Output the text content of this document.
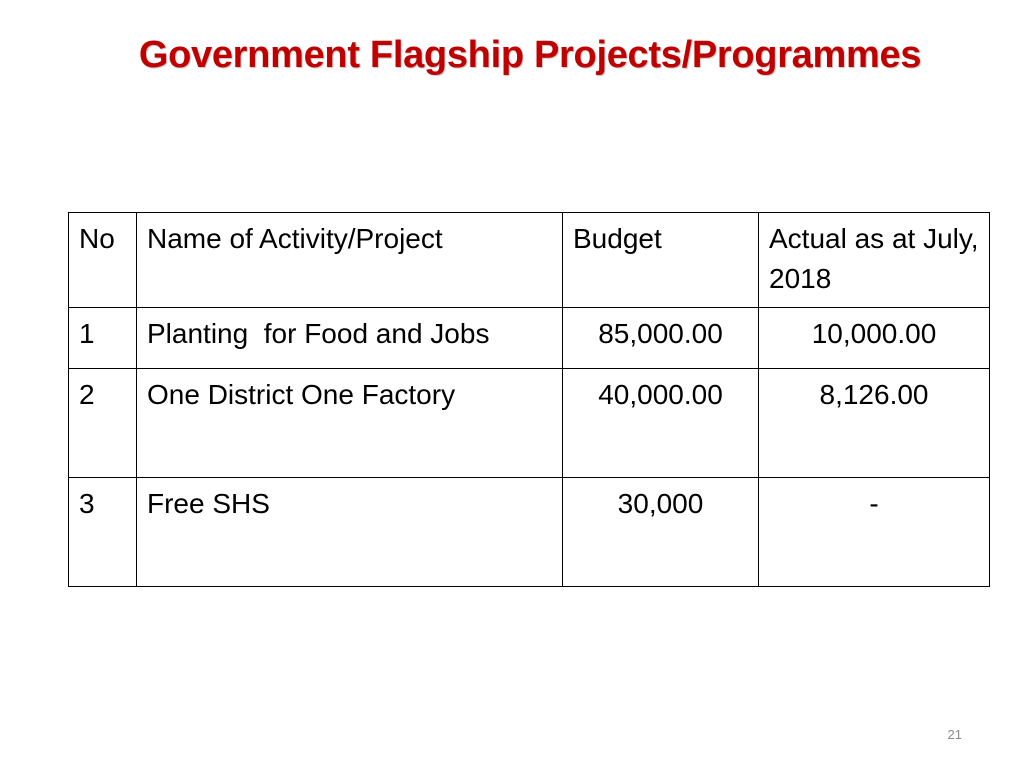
Government Flagship Projects/Programmes
No	Name of Activity/Project	Budget	Actual as at July, 2018
1	Planting  for Food and Jobs	85,000.00	10,000.00
2	One District One Factory	40,000.00	8,126.00
3	Free SHS	30,000	-
21
